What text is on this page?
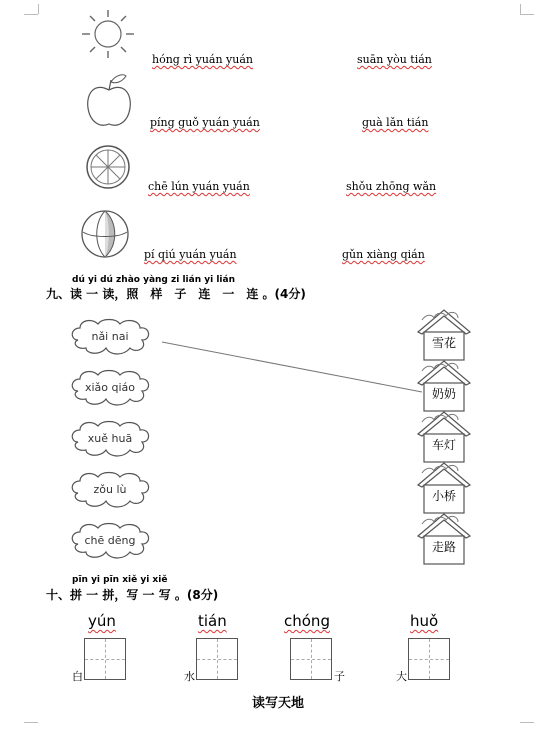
hóng rì yuán yuán	suān yòu tián
píng guǒ yuán yuán	guà lǎn tián
chē lún yuán yuán	shǒu zhōng wǎn
pí qiú yuán yuán	gǔn xiàng qián
dú yi dú zhào yàng zi lián yi lián
九、读 一 读，照　样　子　连　一　连 。(4分)
nǎi nai
xiǎo qiáo
xuě huā
zǒu lù
chē dēng
雪花
奶奶
车灯
小桥
走路
pīn yi pīn xiě yi xiě
十、拼 一 拼，写 一 写 。(8分)
yún	tián	chóng	huǒ
白	水	子	大
读写天地
